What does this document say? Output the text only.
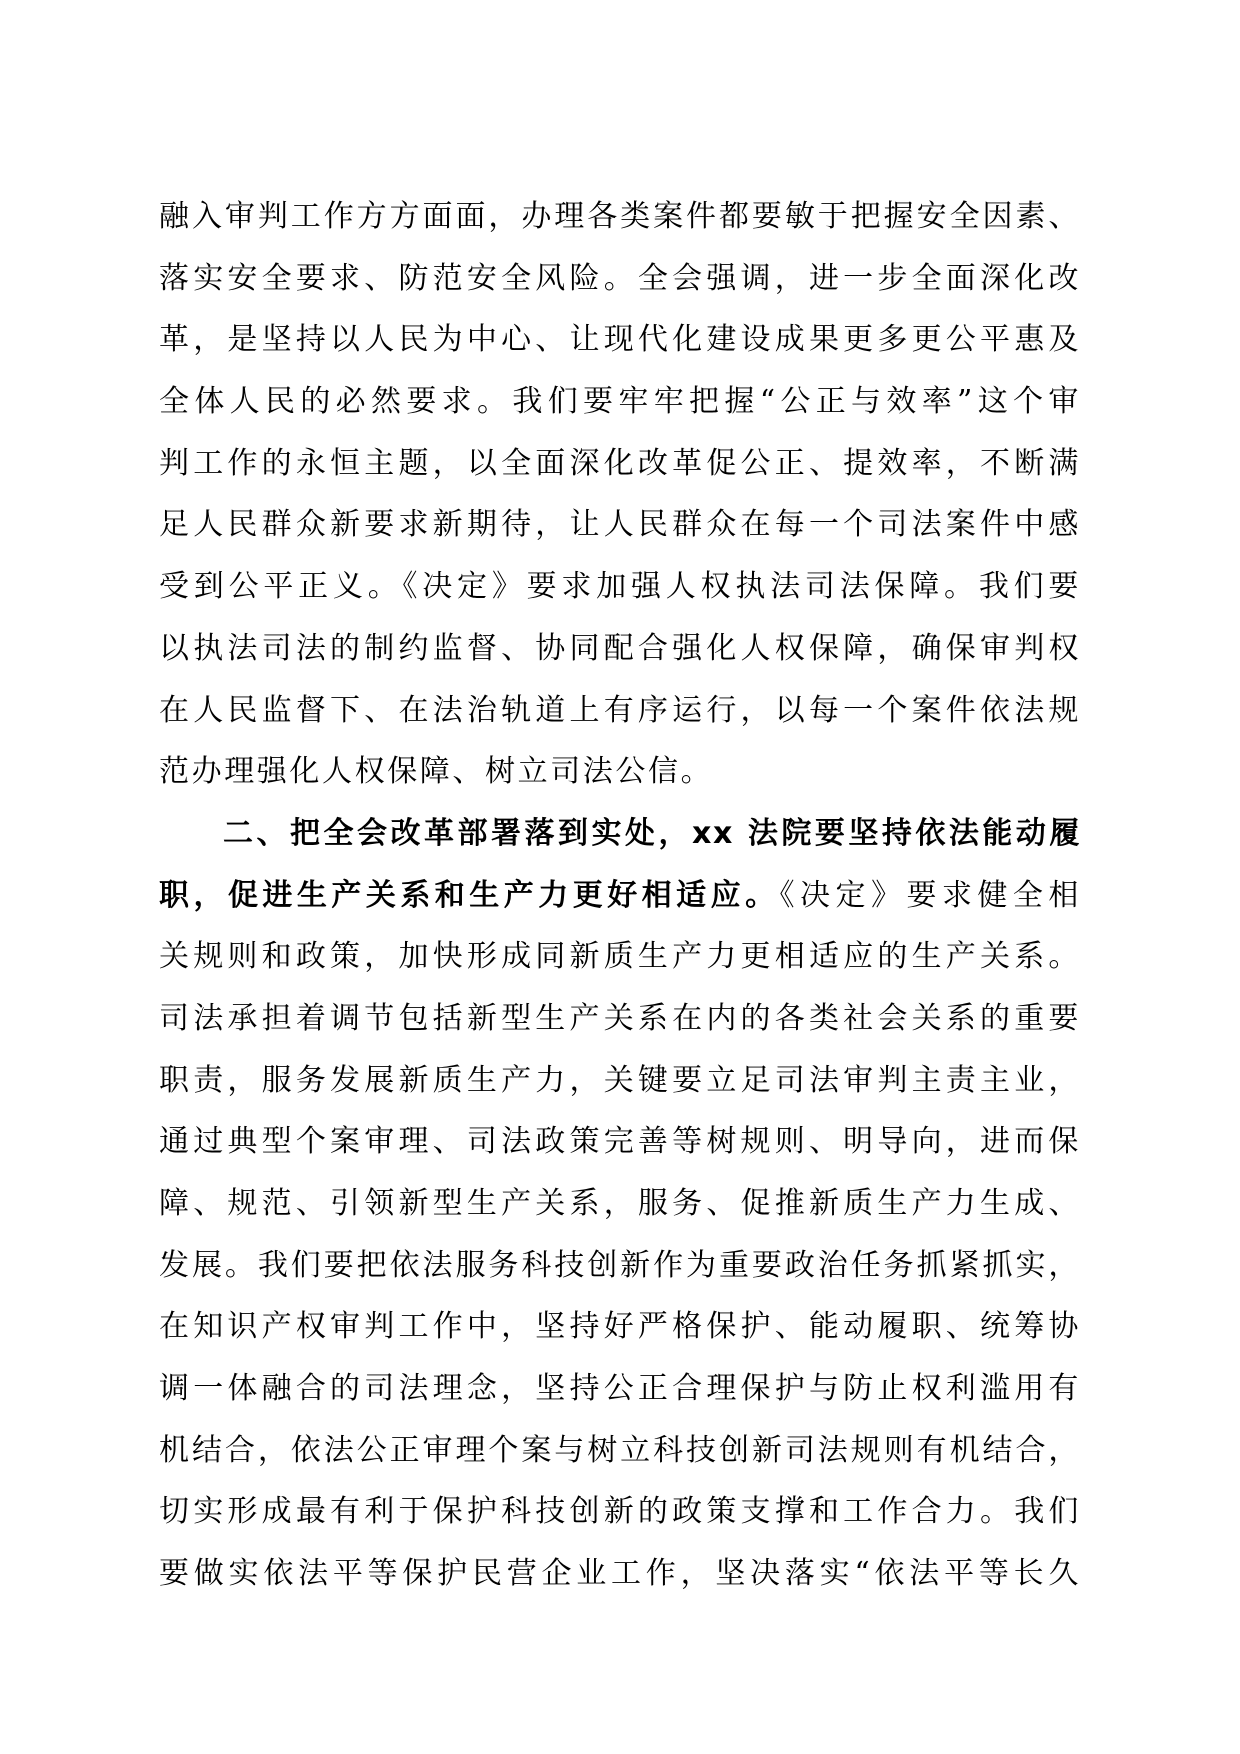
融入审判工作方方面面，办理各类案件都要敏于把握安全因素、
落实安全要求、防范安全风险。全会强调，进一步全面深化改
革，是坚持以人民为中心、让现代化建设成果更多更公平惠及
全体人民的必然要求。我们要牢牢把握“公正与效率”这个审
判工作的永恒主题，以全面深化改革促公正、提效率，不断满
足人民群众新要求新期待，让人民群众在每一个司法案件中感
受到公平正义。《决定》要求加强人权执法司法保障。我们要
以执法司法的制约监督、协同配合强化人权保障，确保审判权
在人民监督下、在法治轨道上有序运行，以每一个案件依法规
范办理强化人权保障、树立司法公信。
二、把全会改革部署落到实处，xx 法院要坚持依法能动履
职，促进生产关系和生产力更好相适应。《决定》要求健全相
关规则和政策，加快形成同新质生产力更相适应的生产关系。
司法承担着调节包括新型生产关系在内的各类社会关系的重要
职责，服务发展新质生产力，关键要立足司法审判主责主业，
通过典型个案审理、司法政策完善等树规则、明导向，进而保
障、规范、引领新型生产关系，服务、促推新质生产力生成、
发展。我们要把依法服务科技创新作为重要政治任务抓紧抓实，
在知识产权审判工作中，坚持好严格保护、能动履职、统筹协
调一体融合的司法理念，坚持公正合理保护与防止权利滥用有
机结合，依法公正审理个案与树立科技创新司法规则有机结合，
切实形成最有利于保护科技创新的政策支撑和工作合力。我们
要做实依法平等保护民营企业工作，坚决落实“依法平等长久
